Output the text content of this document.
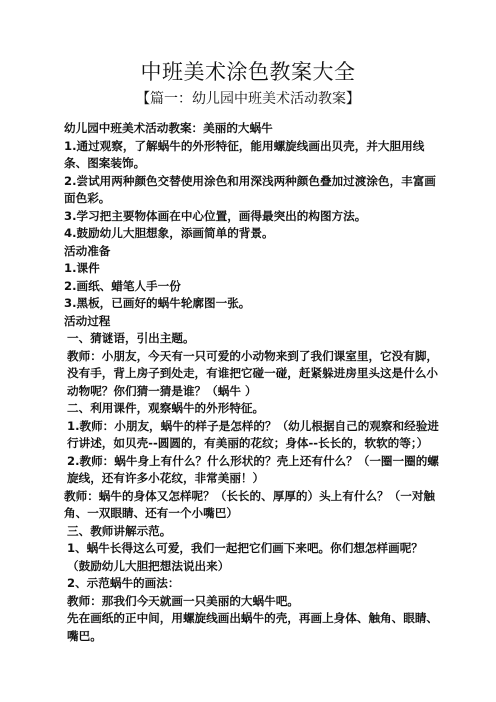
中班美术涂色教案大全
【篇一：幼儿园中班美术活动教案】

幼儿园中班美术活动教案：美丽的大蜗牛

1.通过观察，了解蜗牛的外形特征，能用螺旋线画出贝壳，并大胆用线条、图案装饰。

2.尝试用两种颜色交替使用涂色和用深浅两种颜色叠加过渡涂色，丰富画面色彩。

3.学习把主要物体画在中心位置，画得最突出的构图方法。

4.鼓励幼儿大胆想象，添画简单的背景。

活动准备

1.课件

2.画纸、蜡笔人手一份

3.黑板，已画好的蜗牛轮廓图一张。

活动过程

一、猜谜语，引出主题。

教师：小朋友，今天有一只可爱的小动物来到了我们课室里，它没有脚，没有手，背上房子到处走，有谁把它碰一碰，赶紧躲进房里头这是什么小动物呢？你们猜一猜是谁？（蜗牛 ）

二、利用课件，观察蜗牛的外形特征。

1.教师：小朋友，蜗牛的样子是怎样的？（幼儿根据自己的观察和经验进行讲述，如贝壳--圆圆的，有美丽的花纹；身体--长长的，软软的等；）

2.教师：蜗牛身上有什么？什么形状的？壳上还有什么？（一圈一圈的螺旋线，还有许多小花纹，非常美丽！）

教师：蜗牛的身体又怎样呢？（长长的、厚厚的）头上有什么？（一对触角、一双眼睛、还有一个小嘴巴）

三、教师讲解示范。

1、蜗牛长得这么可爱，我们一起把它们画下来吧。你们想怎样画呢？（鼓励幼儿大胆把想法说出来）

2、示范蜗牛的画法：

教师：那我们今天就画一只美丽的大蜗牛吧。

先在画纸的正中间，用螺旋线画出蜗牛的壳，再画上身体、触角、眼睛、嘴巴。
